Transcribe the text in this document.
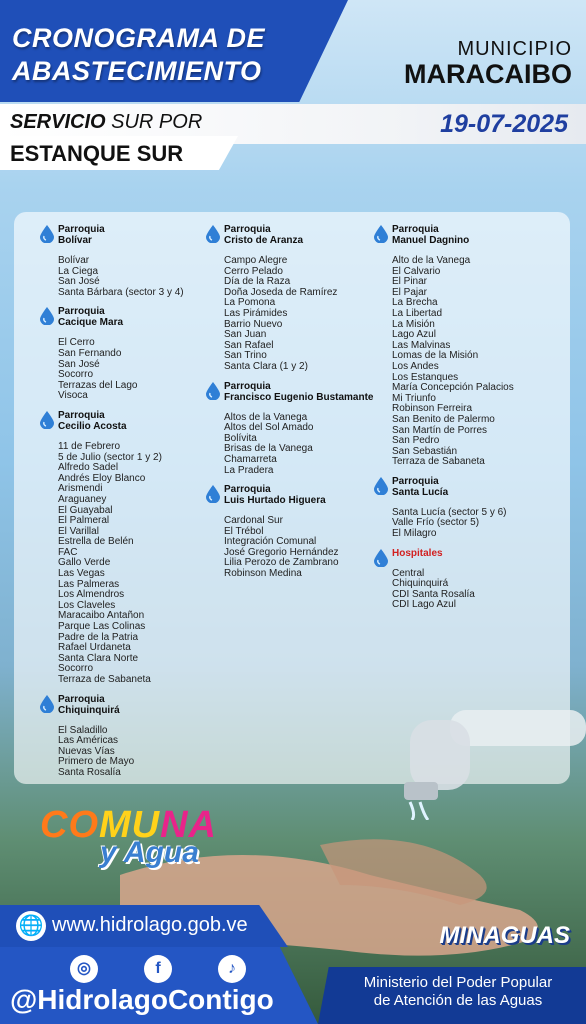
CRONOGRAMA DE
ABASTECIMIENTO
MUNICIPIO
MARACAIBO
SERVICIO SUR POR	19-07-2025
ESTANQUE SUR
Parroquia
Bolívar
Bolívar
La Ciega
San José
Santa Bárbara (sector 3 y 4)
Parroquia
Cacique Mara
El Cerro
San Fernando
San José
Socorro
Terrazas del Lago
Visoca
Parroquia
Cecilio Acosta
11 de Febrero
5 de Julio (sector 1 y 2)
Alfredo Sadel
Andrés Eloy Blanco
Arismendi
Araguaney
El Guayabal
El Palmeral
El Varillal
Estrella de Belén
FAC
Gallo Verde
Las Vegas
Las Palmeras
Los Almendros
Los Claveles
Maracaibo Antañon
Parque Las Colinas
Padre de la Patria
Rafael Urdaneta
Santa Clara Norte
Socorro
Terraza de Sabaneta
Parroquia
Chiquinquirá
El Saladillo
Las Américas
Nuevas Vías
Primero de Mayo
Santa Rosalía
Parroquia
Cristo de Aranza
Campo Alegre
Cerro Pelado
Día de la Raza
Doña Joseda de Ramírez
La Pomona
Las Pirámides
Barrio Nuevo
San Juan
San Rafael
San Trino
Santa Clara (1 y 2)
Parroquia
Francisco Eugenio Bustamante
Altos de la Vanega
Altos del Sol Amado
Bolívita
Brisas de la Vanega
Chamarreta
La Pradera
Parroquia
Luis Hurtado Higuera
Cardonal Sur
El Trébol
Integración Comunal
José Gregorio Hernández
Lilia Perozo de Zambrano
Robinson Medina
Parroquia
Manuel Dagnino
Alto de la Vanega
El Calvario
El Pinar
El Pajar
La Brecha
La Libertad
La Misión
Lago Azul
Las Malvinas
Lomas de la Misión
Los Andes
Los Estanques
María Concepción Palacios
Mi Triunfo
Robinson Ferreira
San Benito de Palermo
San Martín de Porres
San Pedro
San Sebastián
Terraza de Sabaneta
Parroquia
Santa Lucía
Santa Lucía (sector 5 y 6)
Valle Frío (sector 5)
El Milagro
Hospitales
Central
Chiquinquirá
CDI Santa Rosalía
CDI Lago Azul
COMUNA
y Agua
🌐 www.hidrolago.gob.ve	MINAGUAS
◎	f	♪
@HidrolagoContigo
Ministerio del Poder Popular
de Atención de las Aguas
